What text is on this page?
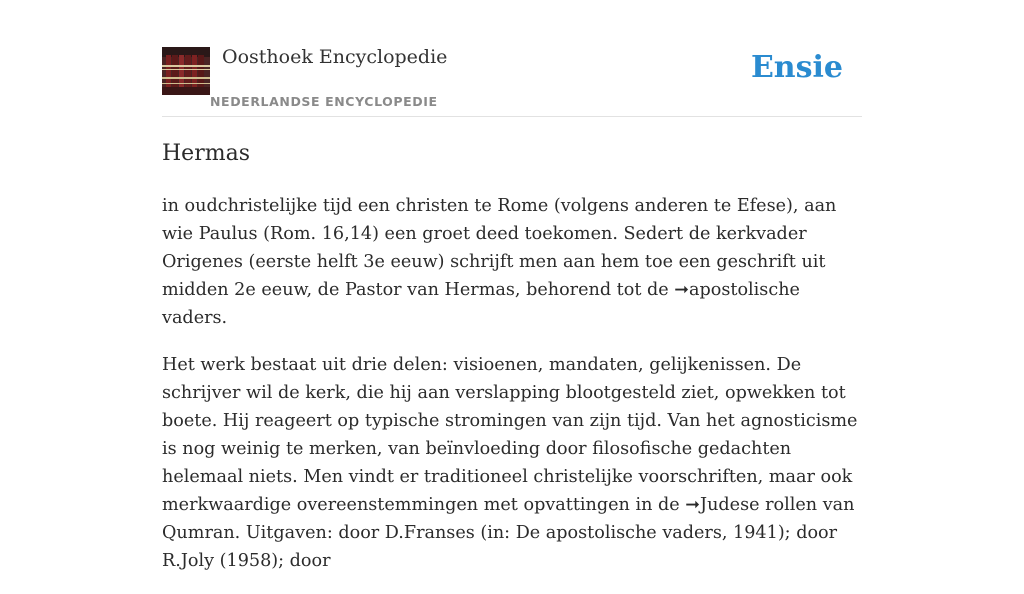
Oosthoek Encyclopedie
NEDERLANDSE ENCYCLOPEDIE
Ensie
Hermas

in oudchristelijke tijd een christen te Rome (volgens anderen te Efese), aan wie Paulus (Rom. 16,14) een groet deed toekomen. Sedert de kerkvader Origenes (eerste helft 3e eeuw) schrijft men aan hem toe een geschrift uit midden 2e eeuw, de Pastor van Hermas, behorend tot de ➞apostolische vaders.

Het werk bestaat uit drie delen: visioenen, mandaten, gelijkenissen. De schrijver wil de kerk, die hij aan verslapping blootgesteld ziet, opwekken tot boete. Hij reageert op typische stromingen van zijn tijd. Van het agnosticisme is nog weinig te merken, van beïnvloeding door filosofische gedachten helemaal niets. Men vindt er traditioneel christelijke voorschriften, maar ook merkwaardige overeenstemmingen met opvattingen in de ➞Judese rollen van Qumran. Uitgaven: door D.Franses (in: De apostolische vaders, 1941); door R.Joly (1958); door
